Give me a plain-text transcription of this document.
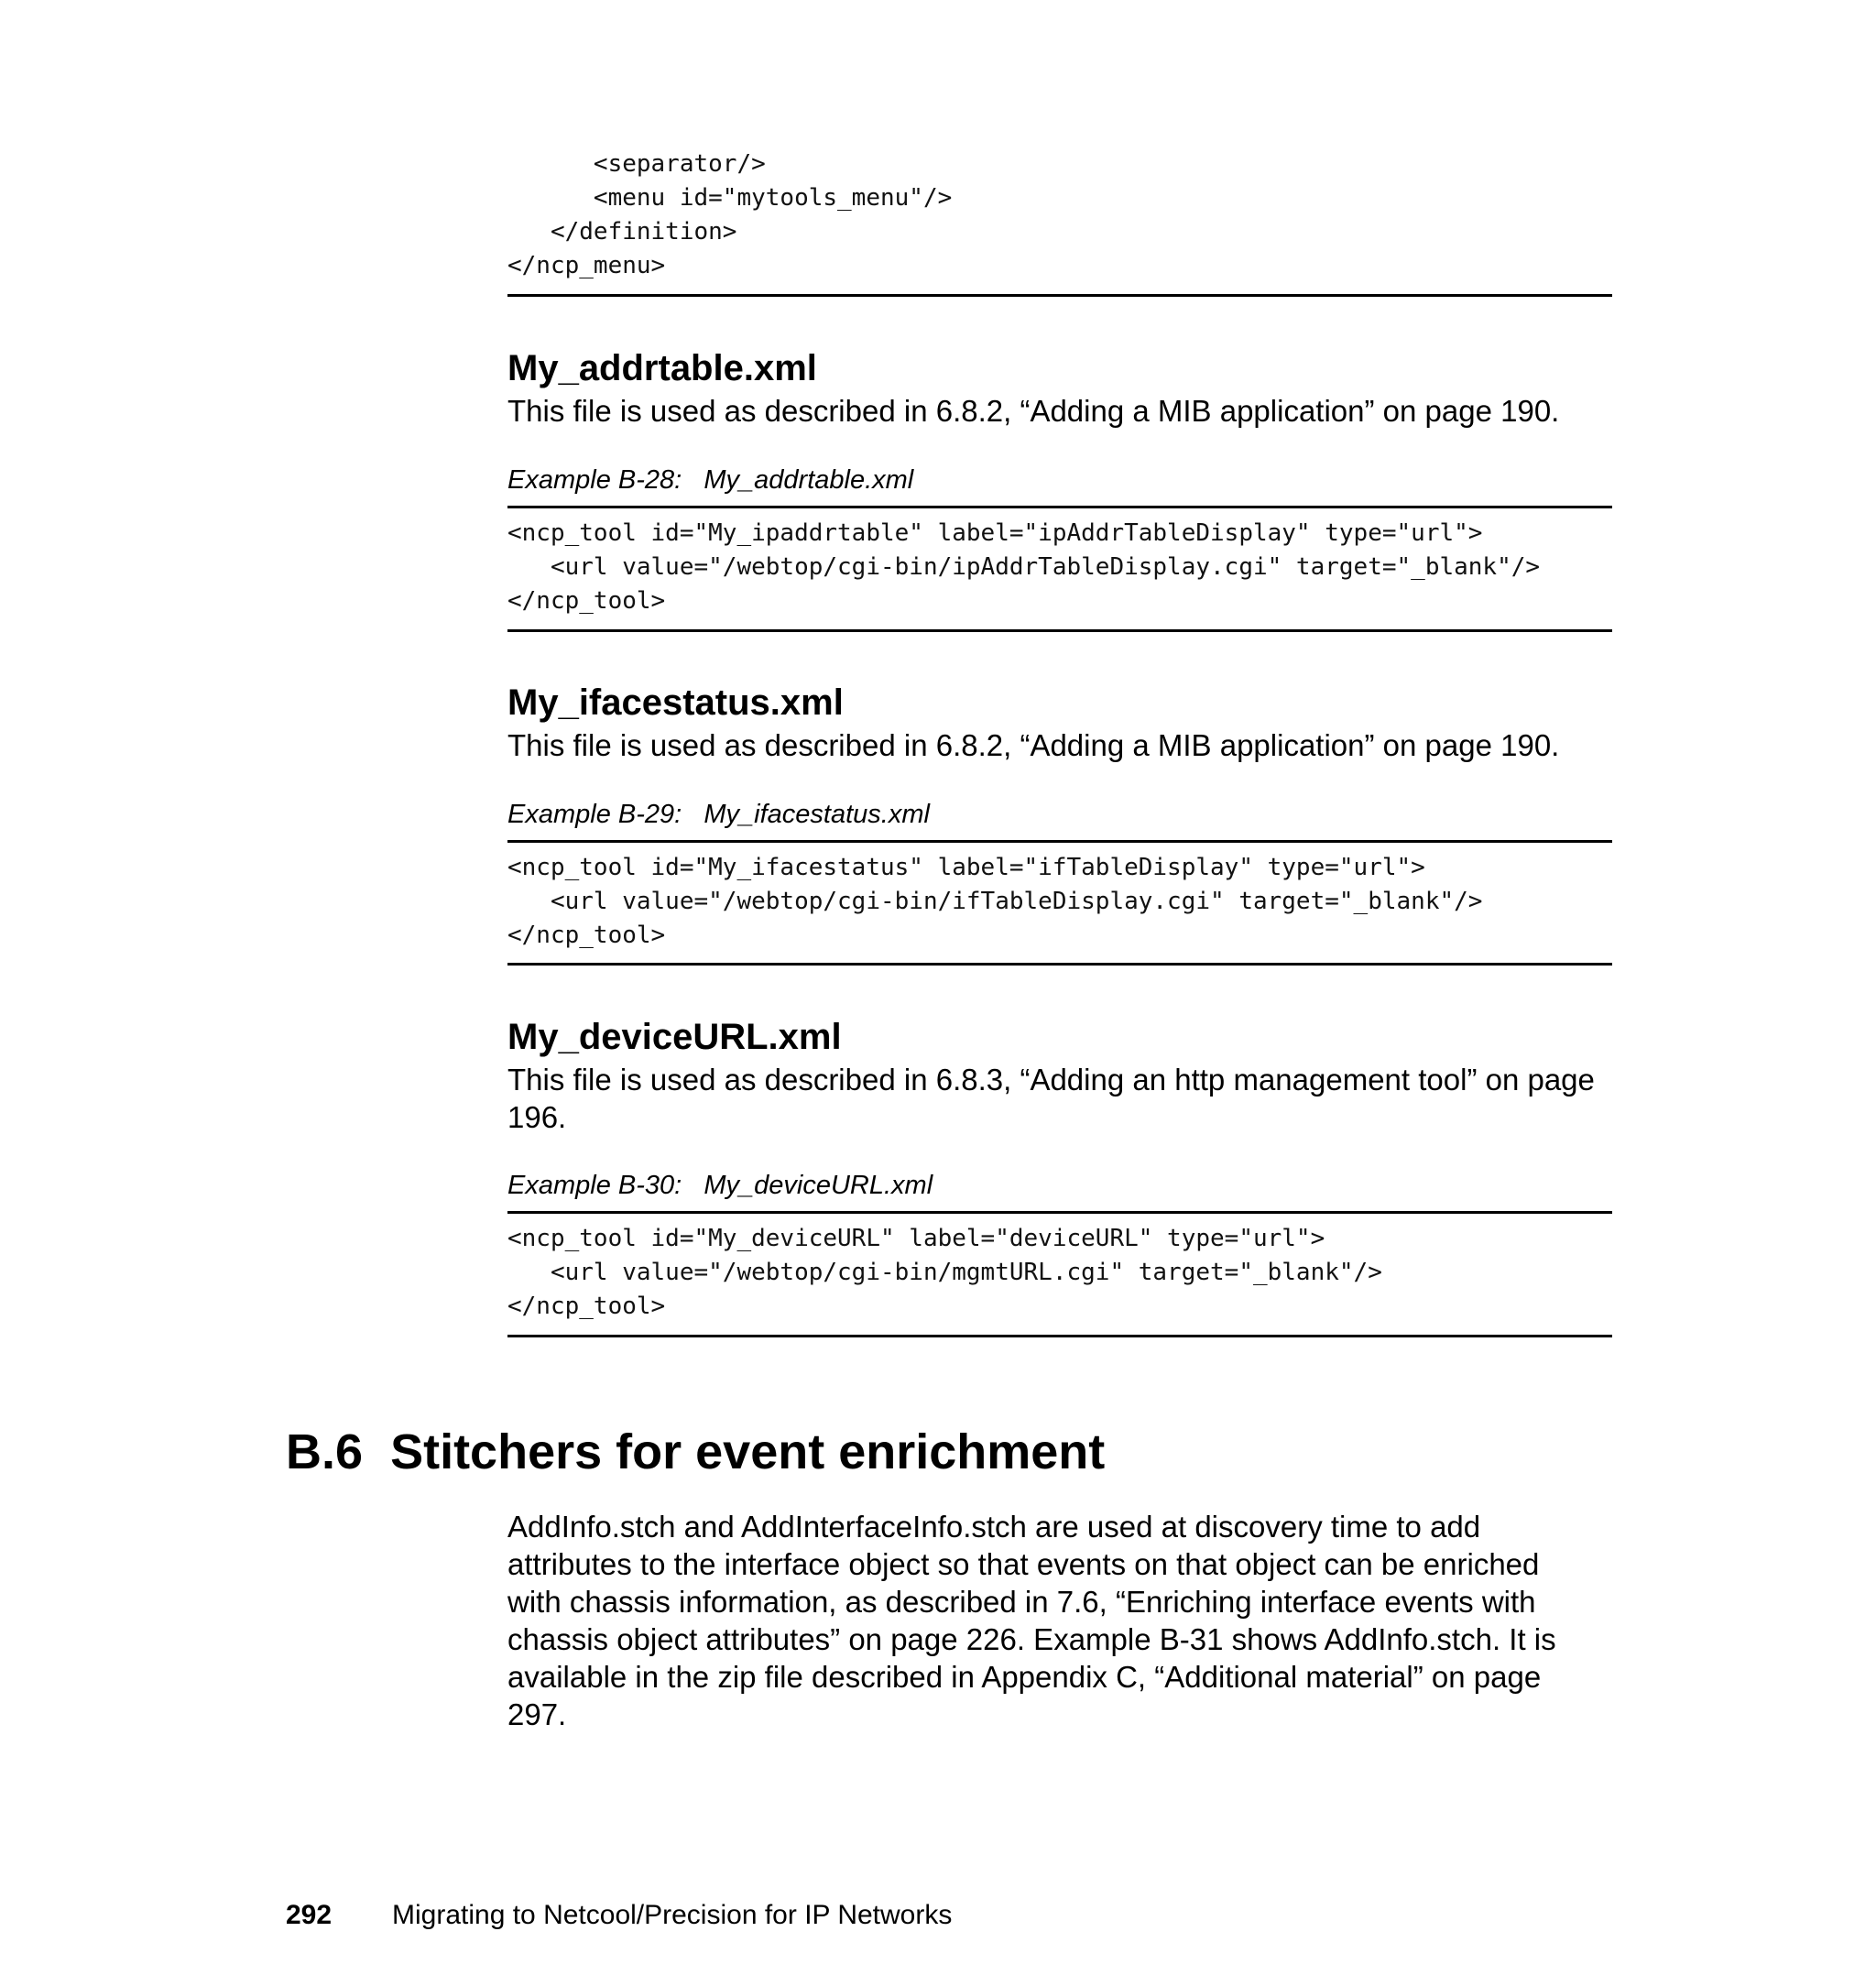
<separator/>
<menu id="mytools_menu"/>
</definition>
</ncp_menu>
My_addrtable.xml

This file is used as described in 6.8.2, “Adding a MIB application” on page 190.

Example B-28: My_addrtable.xml
<ncp_tool id="My_ipaddrtable" label="ipAddrTableDisplay" type="url">
<url value="/webtop/cgi-bin/ipAddrTableDisplay.cgi" target="_blank"/>
</ncp_tool>
My_ifacestatus.xml

This file is used as described in 6.8.2, “Adding a MIB application” on page 190.

Example B-29: My_ifacestatus.xml
<ncp_tool id="My_ifacestatus" label="ifTableDisplay" type="url">
<url value="/webtop/cgi-bin/ifTableDisplay.cgi" target="_blank"/>
</ncp_tool>
My_deviceURL.xml

This file is used as described in 6.8.3, “Adding an http management tool” on page 196.

Example B-30: My_deviceURL.xml
<ncp_tool id="My_deviceURL" label="deviceURL" type="url">
<url value="/webtop/cgi-bin/mgmtURL.cgi" target="_blank"/>
</ncp_tool>
B.6 Stitchers for event enrichment

AddInfo.stch and AddInterfaceInfo.stch are used at discovery time to add attributes to the interface object so that events on that object can be enriched with chassis information, as described in 7.6, “Enriching interface events with chassis object attributes” on page 226. Example B-31 shows AddInfo.stch. It is available in the zip file described in Appendix C, “Additional material” on page 297.

292 Migrating to Netcool/Precision for IP Networks
